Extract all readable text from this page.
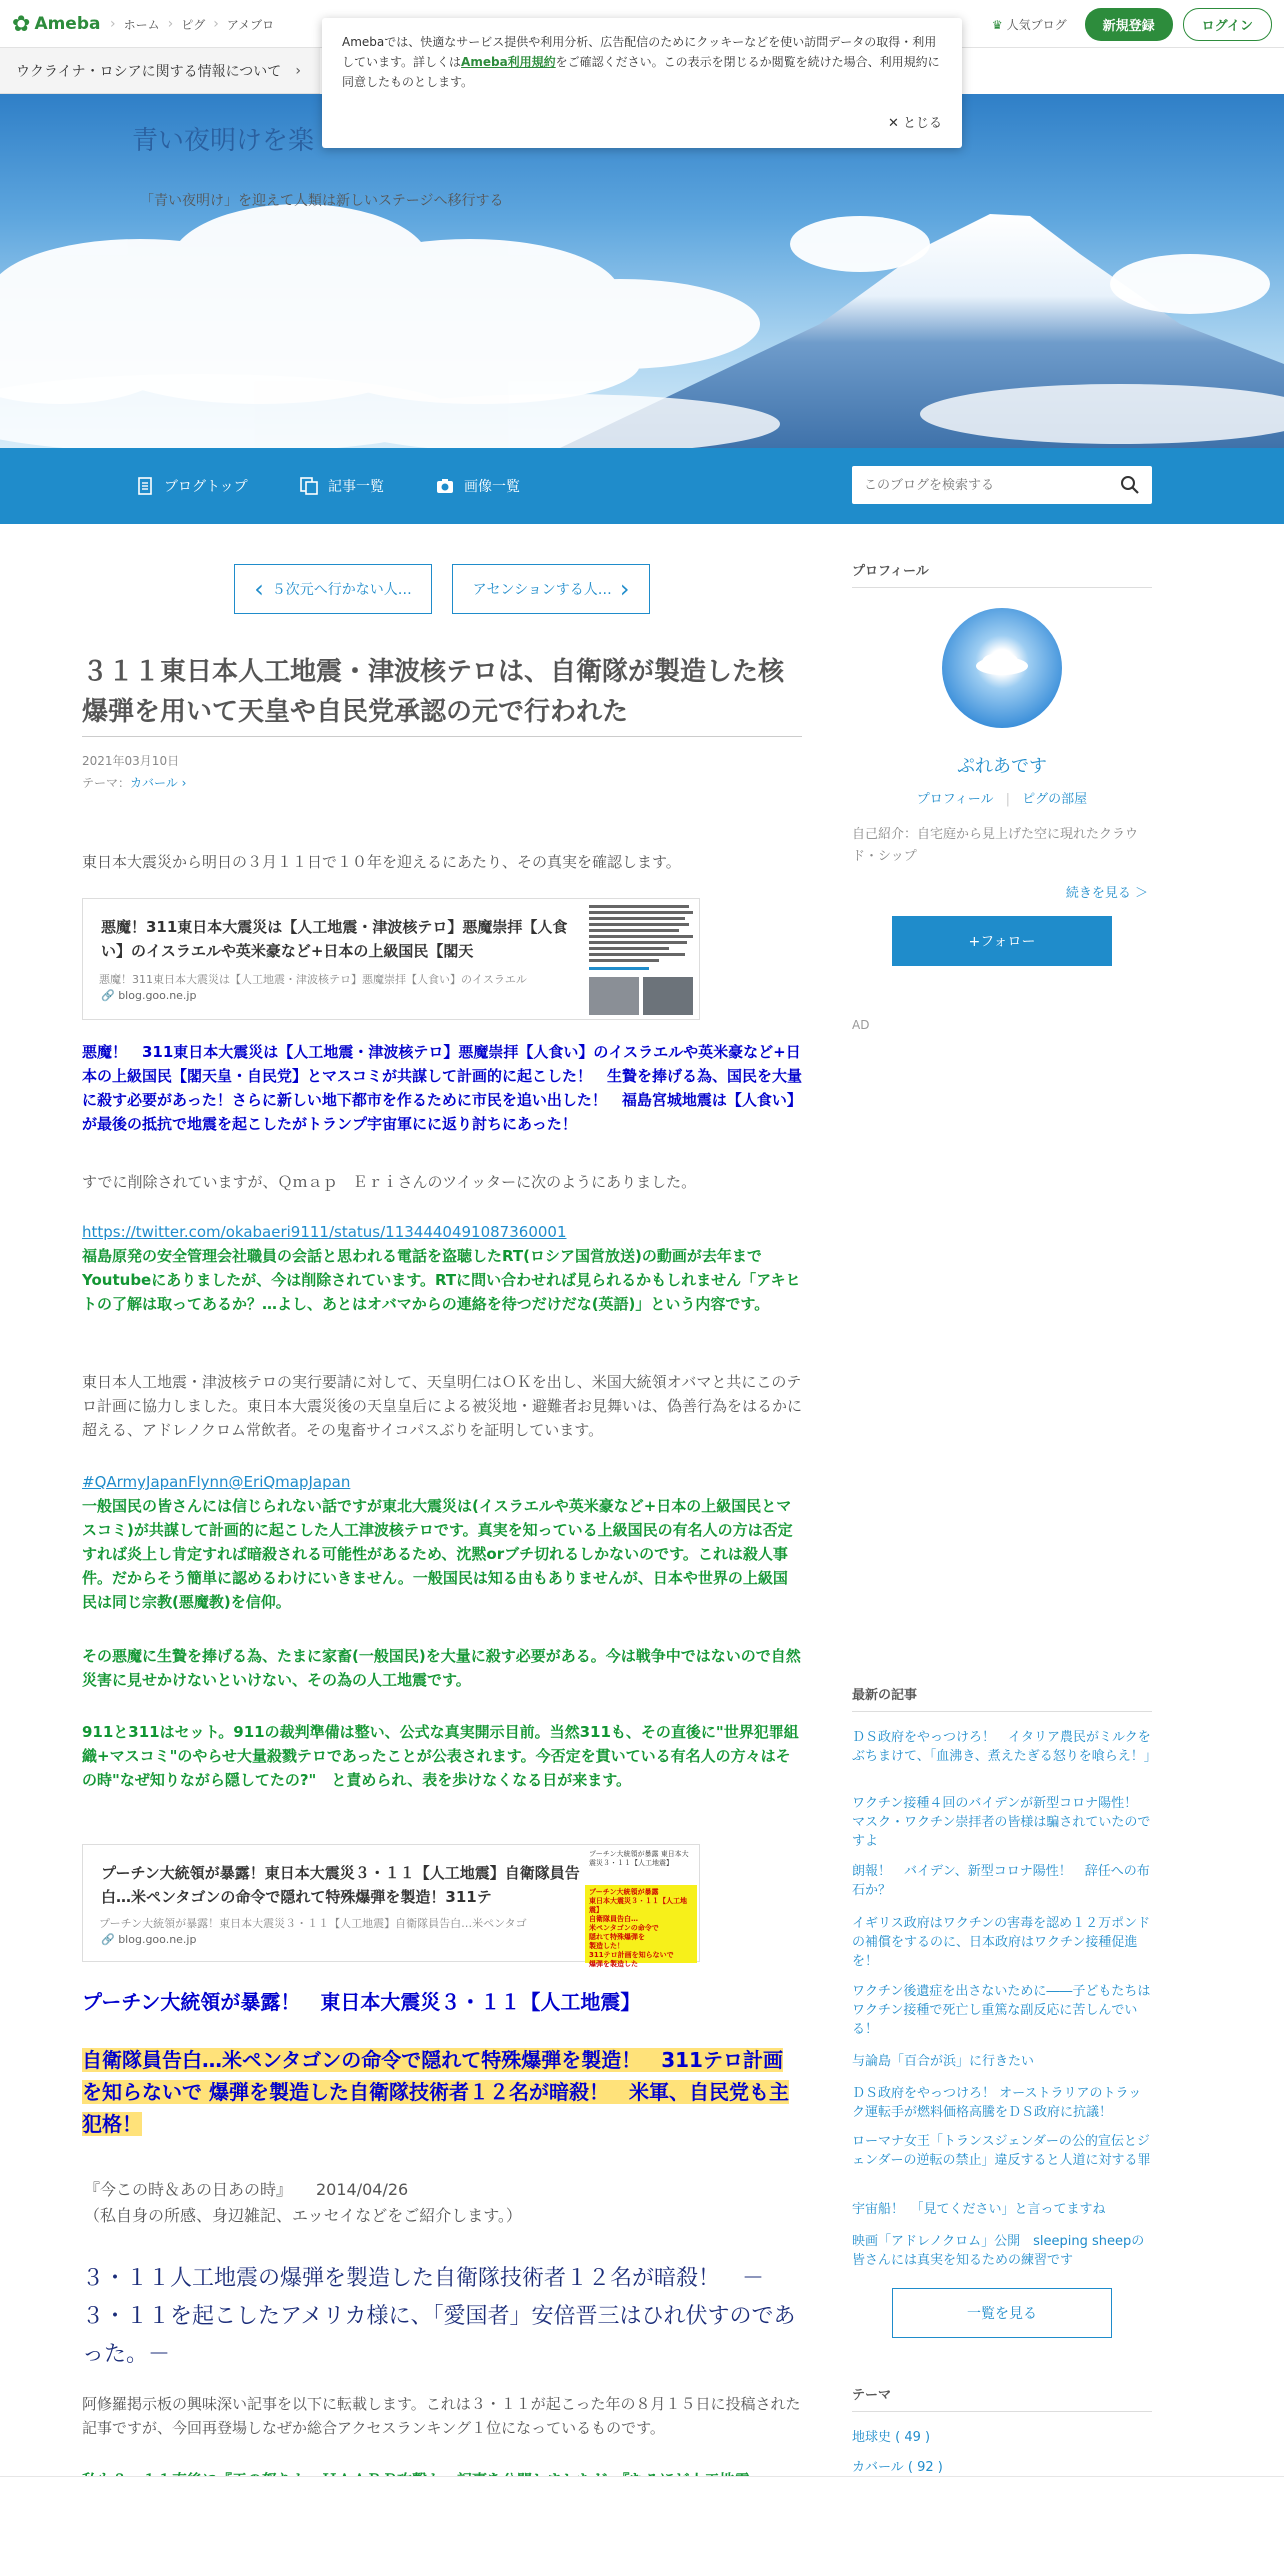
✿ Ameba › ホーム › ピグ › アメブロ	♛ 人気ブログ	新規登録	ログイン
ウクライナ・ロシアに関する情報について ›
Amebaでは、快適なサービス提供や利用分析、広告配信のためにクッキーなどを使い訪問データの取得・利用しています。詳しくはAmeba利用規約をご確認ください。この表示を閉じるか閲覧を続けた場合、利用規約に同意したものとします。
✕ とじる
青い夜明けを楽
「青い夜明け」を迎えて人類は新しいステージへ移行する
ブログトップ	記事一覧	画像一覧
このブログを検索する
‹ ５次元へ行かない人…	アセンションする人… ›
３１１東日本人工地震・津波核テロは、自衛隊が製造した核爆弾を用いて天皇や自民党承認の元で行われた
2021年03月10日
テーマ：カバール ›
東日本大震災から明日の３月１１日で１０年を迎えるにあたり、その真実を確認します。
悪魔！311東日本大震災は【人工地震・津波核テロ】悪魔崇拝【人食い】のイスラエルや英米豪など+日本の上級国民【閣天
悪魔！311東日本大震災は【人工地震・津波核テロ】悪魔崇拝【人食い】のイスラエル
🔗 blog.goo.ne.jp
悪魔！　311東日本大震災は【人工地震・津波核テロ】悪魔崇拝【人食い】のイスラエルや英米豪など+日本の上級国民【閣天皇・自民党】とマスコミが共謀して計画的に起こした！　生贄を捧げる為、国民を大量に殺す必要があった！さらに新しい地下都市を作るために市民を追い出した！　福島宮城地震は【人食い】が最後の抵抗で地震を起こしたがトランプ宇宙軍にに返り討ちにあった！
すでに削除されていますが、Ｑｍａｐ　Ｅｒｉさんのツイッターに次のようにありました。
https://twitter.com/okabaeri9111/status/1134440491087360001
福島原発の安全管理会社職員の会話と思われる電話を盗聴したRT(ロシア国営放送)の動画が去年までYoutubeにありましたが、今は削除されています。RTに問い合わせれば見られるかもしれません「アキヒトの了解は取ってあるか？…よし、あとはオバマからの連絡を待つだけだな(英語)」という内容です。
東日本人工地震・津波核テロの実行要請に対して、天皇明仁はＯＫを出し、米国大統領オバマと共にこのテロ計画に協力しました。東日本大震災後の天皇皇后による被災地・避難者お見舞いは、偽善行為をはるかに超える、アドレノクロム常飲者。その鬼畜サイコパスぶりを証明しています。
#QArmyJapanFlynn@EriQmapJapan
一般国民の皆さんには信じられない話ですが東北大震災は(イスラエルや英米豪など+日本の上級国民とマスコミ)が共謀して計画的に起こした人工津波核テロです。真実を知っている上級国民の有名人の方は否定すれば炎上し肯定すれば暗殺される可能性があるため、沈黙orブチ切れるしかないのです。これは殺人事件。だからそう簡単に認めるわけにいきません。一般国民は知る由もありませんが、日本や世界の上級国民は同じ宗教(悪魔教)を信仰。
その悪魔に生贄を捧げる為、たまに家畜(一般国民)を大量に殺す必要がある。今は戦争中ではないので自然災害に見せかけないといけない、その為の人工地震です。
911と311はセット。911の裁判準備は整い、公式な真実開示目前。当然311も、その直後に"世界犯罪組織+マスコミ"のやらせ大量殺戮テロであったことが公表されます。今否定を貫いている有名人の方々はその時"なぜ知りながら隠してたの?"　と責められ、表を歩けなくなる日が来ます。
プーチン大統領が暴露！東日本大震災３・１１【人工地震】自衛隊員告白…米ペンタゴンの命令で隠れて特殊爆弾を製造！311テ
プーチン大統領が暴露！東日本大震災３・１１【人工地震】自衛隊員告白…米ペンタゴ
🔗 blog.goo.ne.jp
プーチン大統領が暴露 東日本大震災３・１１【人工地震】
プーチン大統領が暴露
東日本大震災３・１１【人工地震】
自衛隊員告白…
米ペンタゴンの命令で
隠れて特殊爆弾を
製造した！
311テロ計画を知らないで
爆弾を製造した
プーチン大統領が暴露！　東日本大震災３・１１【人工地震】
自衛隊員告白…米ペンタゴンの命令で隠れて特殊爆弾を製造！　311テロ計画を知らないで 爆弾を製造した自衛隊技術者１２名が暗殺！　米軍、自民党も主犯格！
『今この時＆あの日あの時』　　2014/04/26
（私自身の所感、身辺雑記、エッセイなどをご紹介します。）
３・１１人工地震の爆弾を製造した自衛隊技術者１２名が暗殺！　－３・１１を起こしたアメリカ様に、「愛国者」安倍晋三はひれ伏すのであった。－
阿修羅掲示板の興味深い記事を以下に転載します。これは３・１１が起こった年の８月１５日に投稿された記事ですが、今回再登場しなぜか総合アクセスランキング１位になっているものです。
プロフィール
ぷれあです
プロフィール | ピグの部屋
自己紹介：自宅庭から見上げた空に現れたクラウド・シップ
続きを見る ＞
+フォロー
AD
最新の記事
ＤＳ政府をやっつけろ！　イタリア農民がミルクをぶちまけて、「血沸き、煮えたぎる怒りを喰らえ！」
ワクチン接種４回のバイデンが新型コロナ陽性！　マスク・ワクチン崇拝者の皆様は騙されていたのですよ
朗報！　バイデン、新型コロナ陽性！　辞任への布石か？
イギリス政府はワクチンの害毒を認め１２万ポンドの補償をするのに、日本政府はワクチン接種促進を！
ワクチン後遺症を出さないために――子どもたちはワクチン接種で死亡し重篤な副反応に苦しんでいる！
与論島「百合が浜」に行きたい
ＤＳ政府をやっつけろ！ オーストラリアのトラック運転手が燃料価格高騰をＤＳ政府に抗議！
ローマナ女王「トランスジェンダーの公的宣伝とジェンダーの逆転の禁止」違反すると人道に対する罪
宇宙船！　「見てください」と言ってますね
映画「アドレノクロム」公開　sleeping sheepの皆さんには真実を知るための練習です
一覧を見る
テーマ
地球史 ( 49 )
カバール ( 92 )
